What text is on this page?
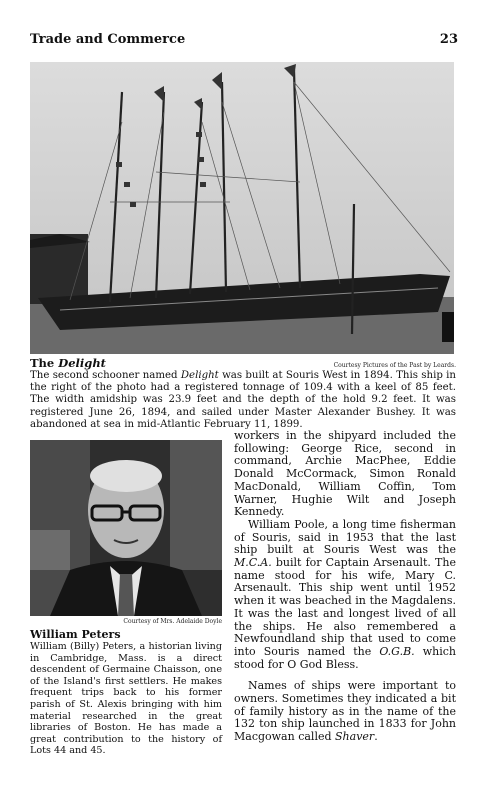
Trade and Commerce	23
The Delight	Courtesy Pictures of the Past by Leards.

The second schooner named Delight was built at Souris West in 1894. This ship in the right of the photo had a registered tonnage of 109.4 with a keel of 85 feet. The width amidship was 23.9 feet and the depth of the hold 9.2 feet. It was registered June 26, 1894, and sailed under Master Alexander Bushey. It was abandoned at sea in mid-Atlantic February 11, 1899.

Courtesy of Mrs. Adelaide Doyle
William Peters

William (Billy) Peters, a historian living in Cambridge, Mass. is a direct descendent of Germaine Chaisson, one of the Island's first settlers. He makes frequent trips back to his former parish of St. Alexis bringing with him material researched in the great libraries of Boston. He has made a great contribution to the history of Lots 44 and 45.

workers in the shipyard included the following: George Rice, second in command, Archie MacPhee, Eddie Donald McCormack, Simon Ronald MacDonald, William Coffin, Tom Warner, Hughie Wilt and Joseph Kennedy.

William Poole, a long time fisherman of Souris, said in 1953 that the last ship built at Souris West was the M.C.A. built for Captain Arsenault. The name stood for his wife, Mary C. Arsenault. This ship went until 1952 when it was beached in the Magdalens. It was the last and longest lived of all the ships. He also remembered a Newfoundland ship that used to come into Souris named the O.G.B. which stood for O God Bless.

Names of ships were important to owners. Sometimes they indicated a bit of family history as in the name of the 132 ton ship launched in 1833 for John Macgowan called Shaver.
